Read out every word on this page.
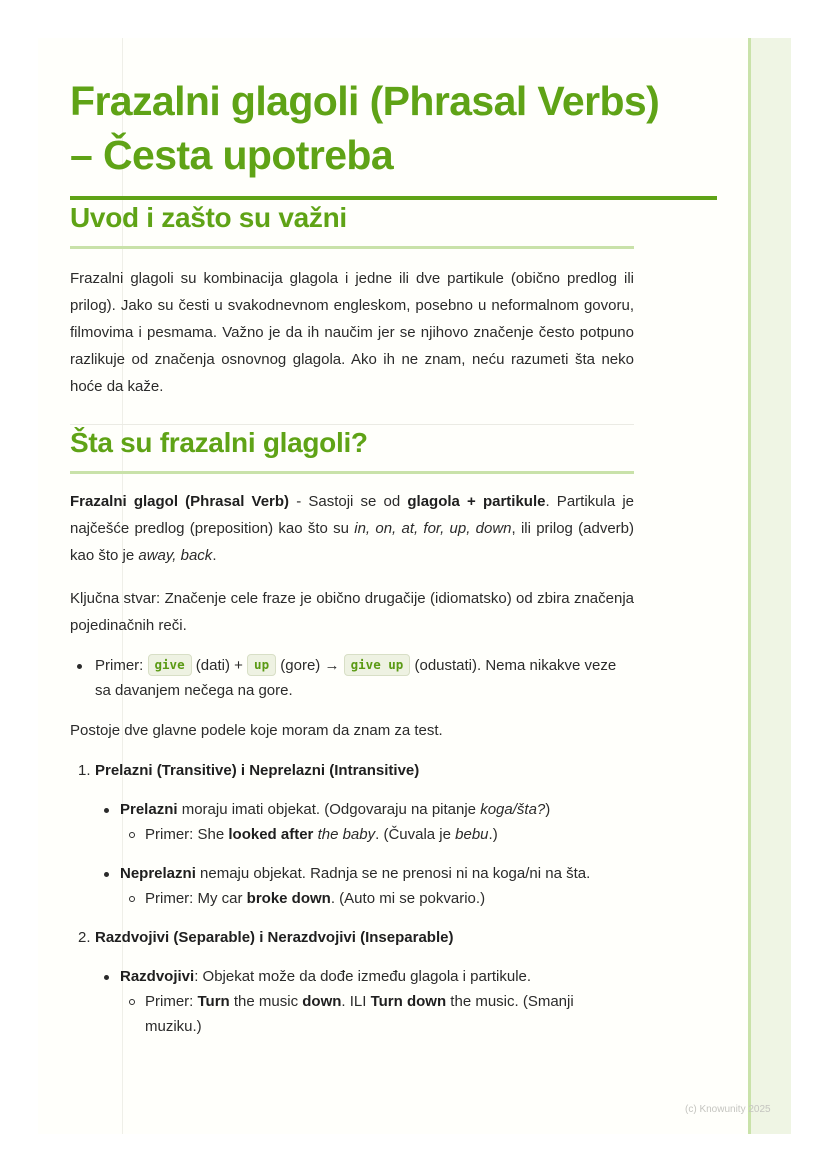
Frazalni glagoli (Phrasal Verbs) – Česta upotreba
Uvod i zašto su važni

Frazalni glagoli su kombinacija glagola i jedne ili dve partikule (obično predlog ili prilog). Jako su česti u svakodnevnom engleskom, posebno u neformalnom govoru, filmovima i pesmama. Važno je da ih naučim jer se njihovo značenje često potpuno razlikuje od značenja osnovnog glagola. Ako ih ne znam, neću razumeti šta neko hoće da kaže.

Šta su frazalni glagoli?

Frazalni glagol (Phrasal Verb) - Sastoji se od glagola + partikule. Partikula je najčešće predlog (preposition) kao što su in, on, at, for, up, down, ili prilog (adverb) kao što je away, back.

Ključna stvar: Značenje cele fraze je obično drugačije (idiomatsko) od zbira značenja pojedinačnih reči.

Primer: give (dati) + up (gore) → give up (odustati). Nema nikakve veze sa davanjem nečega na gore.

Postoje dve glavne podele koje moram da znam za test.

1. Prelazni (Transitive) i Neprelazni (Intransitive)
Prelazni moraju imati objekat. (Odgovaraju na pitanje koga/šta?)
Primer: She looked after the baby. (Čuvala je bebu.)
Neprelazni nemaju objekat. Radnja se ne prenosi ni na koga/ni na šta.
Primer: My car broke down. (Auto mi se pokvario.)
2. Razdvojivi (Separable) i Nerazdvojivi (Inseparable)
Razdvojivi: Objekat može da dođe između glagola i partikule.
Primer: Turn the music down. ILI Turn down the music. (Smanji muziku.)
(c) Knowunity 2025
